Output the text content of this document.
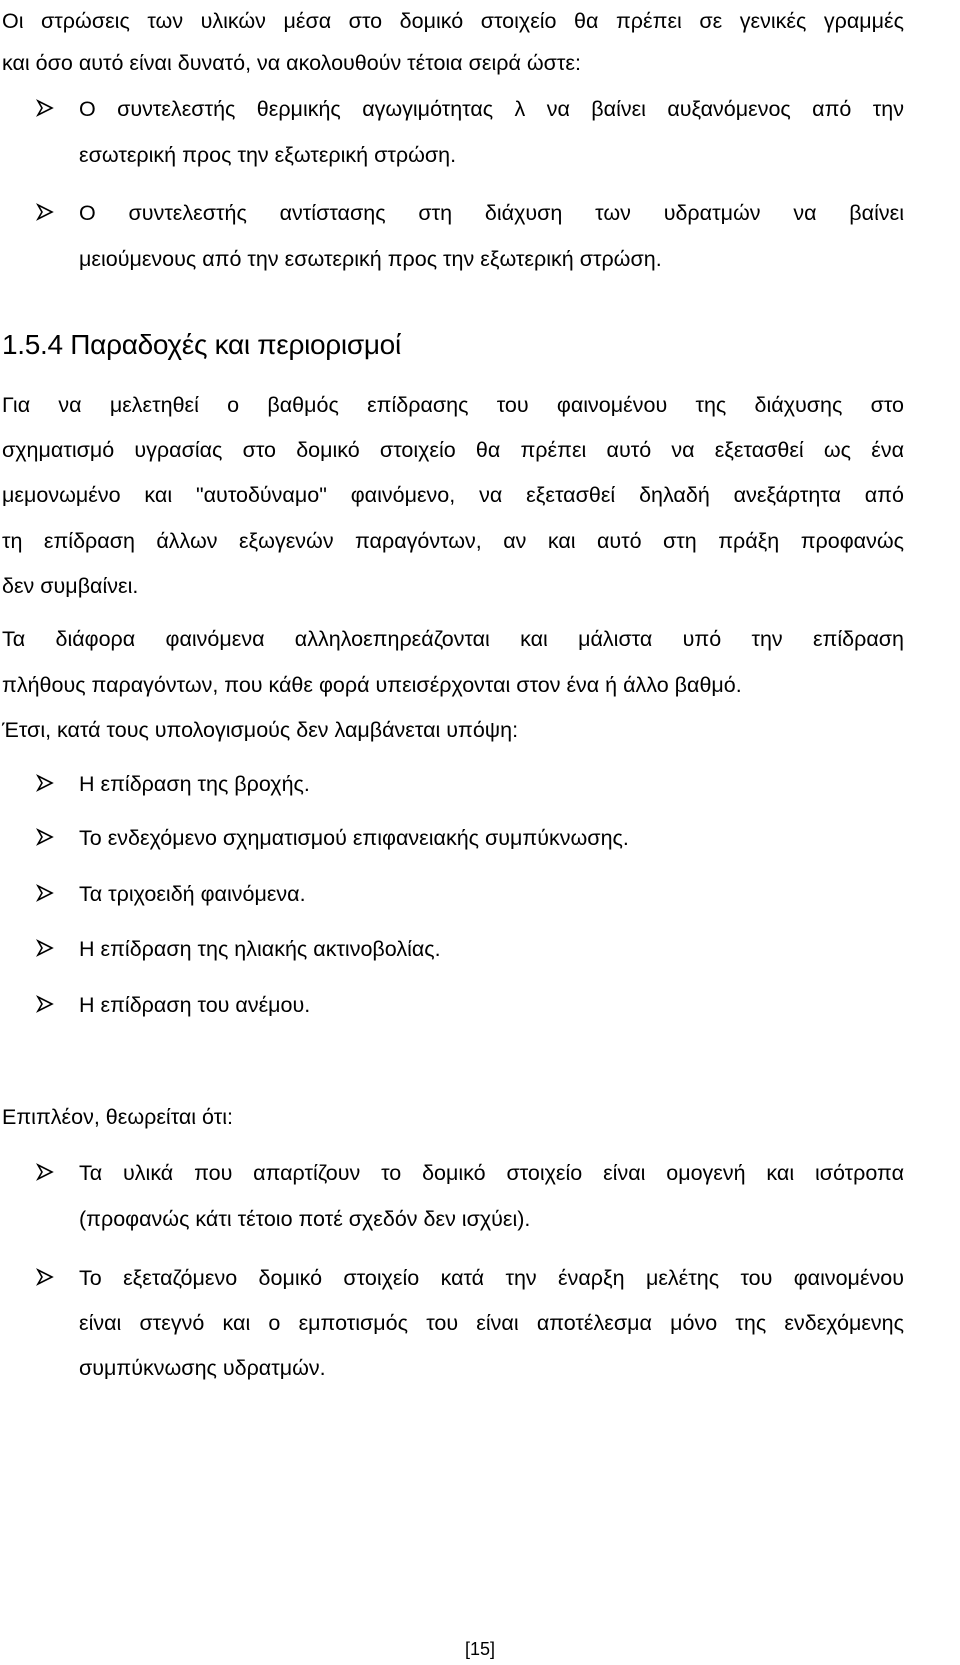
Οι στρώσεις των υλικών μέσα στο δομικό στοιχείο θα πρέπει σε γενικές γραμμές
και όσο αυτό είναι δυνατό, να ακολουθούν τέτοια σειρά ώστε:
Ο συντελεστής θερμικής αγωγιμότητας λ να βαίνει αυξανόμενος από την
εσωτερική προς την εξωτερική στρώση.
Ο συντελεστής αντίστασης στη διάχυση των υδρατμών να βαίνει
μειούμενους από την εσωτερική προς την εξωτερική στρώση.
1.5.4 Παραδοχές και περιορισμοί
Για να μελετηθεί ο βαθμός επίδρασης του φαινομένου της διάχυσης στο
σχηματισμό υγρασίας στο δομικό στοιχείο θα πρέπει αυτό να εξετασθεί ως ένα
μεμονωμένο και "αυτοδύναμο" φαινόμενο, να εξετασθεί δηλαδή ανεξάρτητα από
τη επίδραση άλλων εξωγενών παραγόντων, αν και αυτό στη πράξη προφανώς
δεν συμβαίνει.
Τα διάφορα φαινόμενα αλληλοεπηρεάζονται και μάλιστα υπό την επίδραση
πλήθους παραγόντων, που κάθε φορά υπεισέρχονται στον ένα ή άλλο βαθμό.
Έτσι, κατά τους υπολογισμούς δεν λαμβάνεται υπόψη:
Η επίδραση της βροχής.
Το ενδεχόμενο σχηματισμού επιφανειακής συμπύκνωσης.
Τα τριχοειδή φαινόμενα.
Η επίδραση της ηλιακής ακτινοβολίας.
Η επίδραση του ανέμου.
Επιπλέον, θεωρείται ότι:
Τα υλικά που απαρτίζουν το δομικό στοιχείο είναι ομογενή και ισότροπα
(προφανώς κάτι τέτοιο ποτέ σχεδόν δεν ισχύει).
Το εξεταζόμενο δομικό στοιχείο κατά την έναρξη μελέτης του φαινομένου
είναι στεγνό και ο εμποτισμός του είναι αποτέλεσμα μόνο της ενδεχόμενης
συμπύκνωσης υδρατμών.
[15]
